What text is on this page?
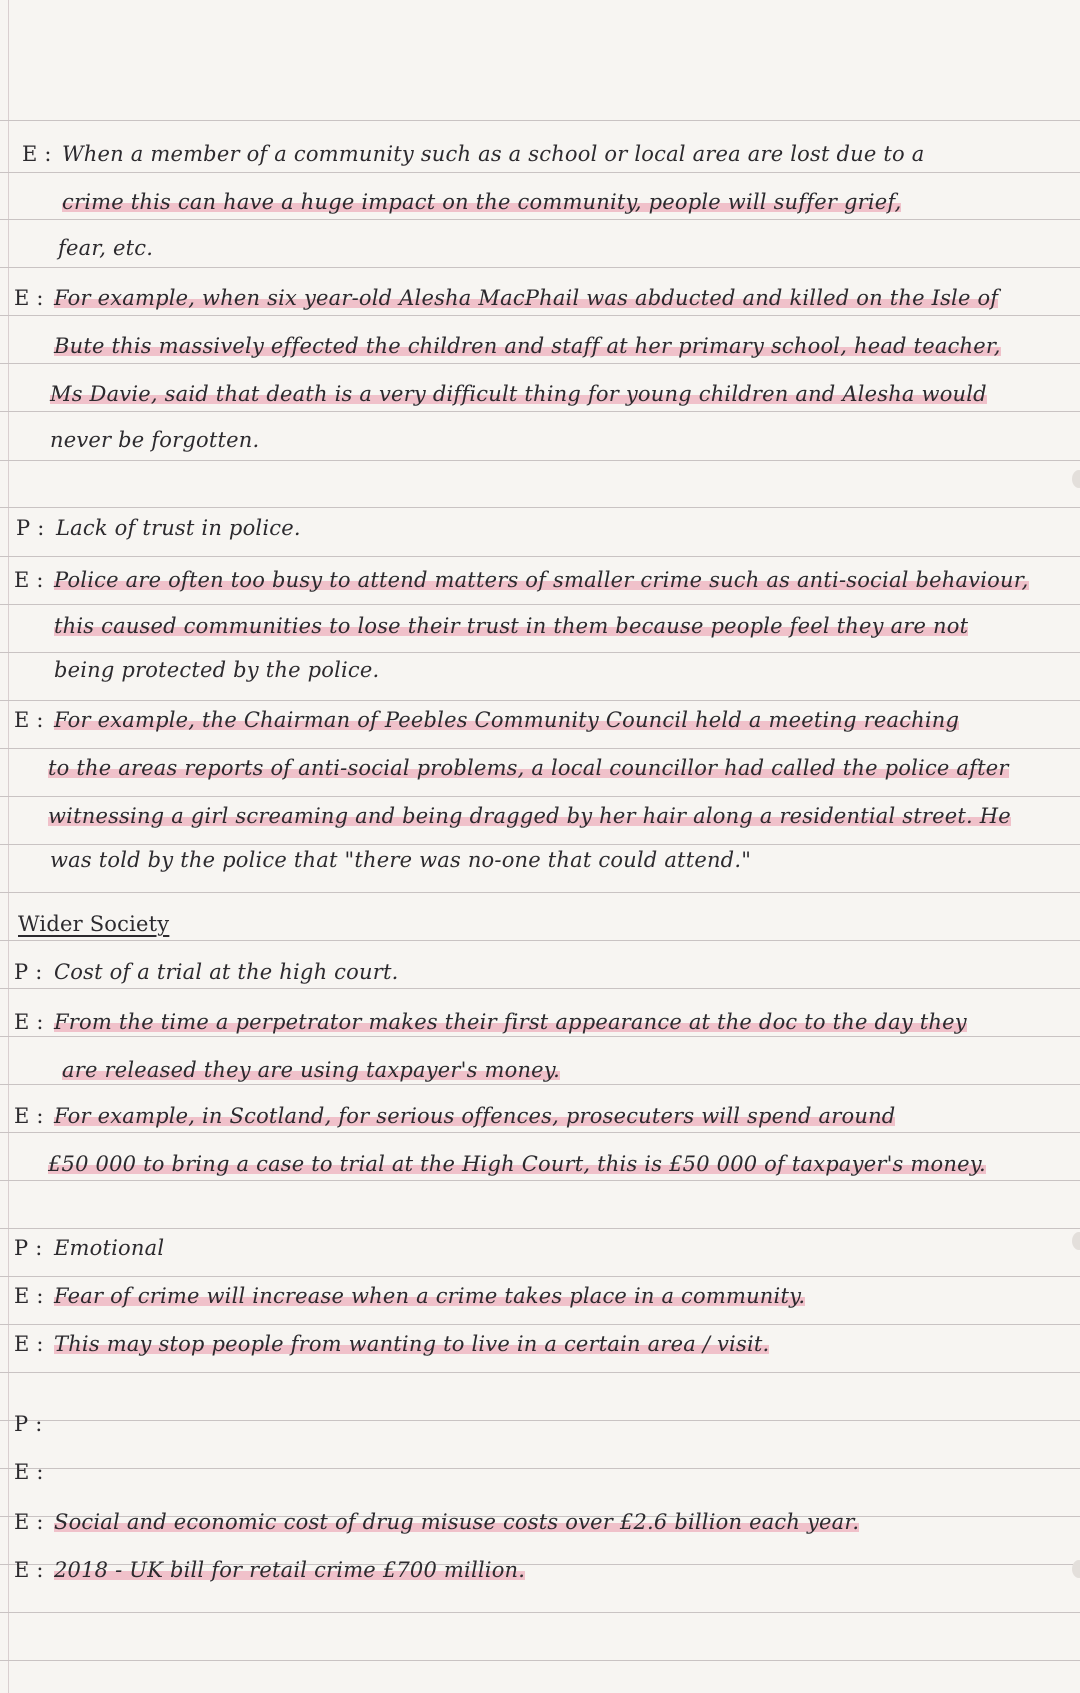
E : When a member of a community such as a school or local area are lost due to a
crime this can have a huge impact on the community, people will suffer grief,
fear, etc.
E : For example, when six year-old Alesha MacPhail was abducted and killed on the Isle of
Bute this massively effected the children and staff at her primary school, head teacher,
Ms Davie, said that death is a very difficult thing for young children and Alesha would
never be forgotten.
P : Lack of trust in police.
E : Police are often too busy to attend matters of smaller crime such as anti-social behaviour,
this caused communities to lose their trust in them because people feel they are not
being protected by the police.
E : For example, the Chairman of Peebles Community Council held a meeting reaching
to the areas reports of anti-social problems, a local councillor had called the police after
witnessing a girl screaming and being dragged by her hair along a residential street. He
was told by the police that "there was no-one that could attend."
Wider Society
P : Cost of a trial at the high court.
E : From the time a perpetrator makes their first appearance at the doc to the day they
are released they are using taxpayer's money.
E : For example, in Scotland, for serious offences, prosecuters will spend around
£50 000 to bring a case to trial at the High Court, this is £50 000 of taxpayer's money.
P : Emotional
E : Fear of crime will increase when a crime takes place in a community.
E : This may stop people from wanting to live in a certain area / visit.
P :
E :
E : Social and economic cost of drug misuse costs over £2.6 billion each year.
E : 2018 - UK bill for retail crime £700 million.
